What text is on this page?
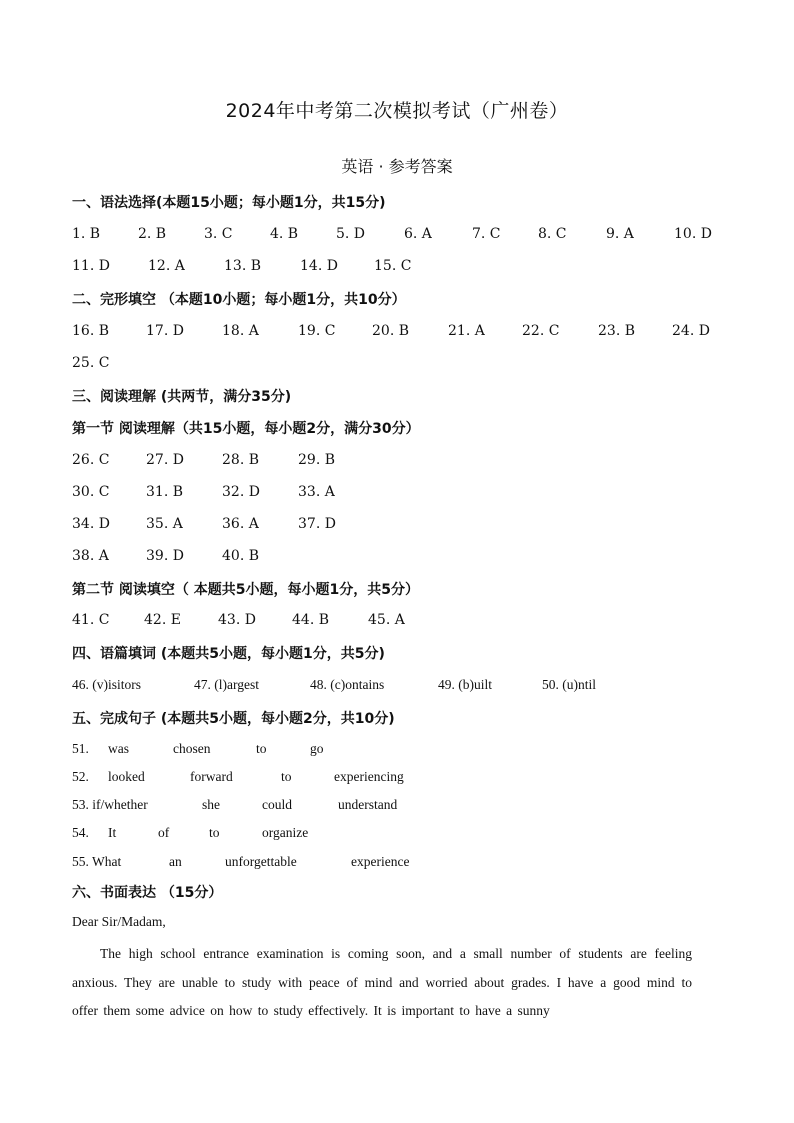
2024年中考第二次模拟考试（广州卷）
英语 · 参考答案
一、语法选择(本题15小题；每小题1分，共15分)
1. B	2. B	3. C	4. B	5. D	6. A	7. C	8. C	9. A	10. D
11. D	12. A	13. B	14. D	15. C
二、完形填空 （本题10小题；每小题1分，共10分）
16. B	17. D	18. A	19. C	20. B	21. A	22. C	23. B	24. D
25. C
三、阅读理解 (共两节，满分35分)
第一节 阅读理解（共15小题，每小题2分，满分30分）
26. C	27. D	28. B	29. B
30. C	31. B	32. D	33. A
34. D	35. A	36. A	37. D
38. A	39. D	40. B
第二节 阅读填空（ 本题共5小题，每小题1分，共5分）
41. C 42. E	43. D	44. B	45. A
四、语篇填词 (本题共5小题，每小题1分，共5分)
46. (v)isitors	47. (l)argest	48. (c)ontains	49. (b)uilt	50. (u)ntil
五、完成句子 (本题共5小题，每小题2分，共10分)
51. was	chosen	to	go
52. looked	forward	to	experiencing
53. if/whether	she	could	understand
54. It	of	to	organize
55. What	an	unforgettable	experience
六、书面表达 （15分）
Dear Sir/Madam,
The high school entrance examination is coming soon, and a small number of students are feeling anxious. They are unable to study with peace of mind and worried about grades. I have a good mind to offer them some advice on how to study effectively. It is important to have a sunny
